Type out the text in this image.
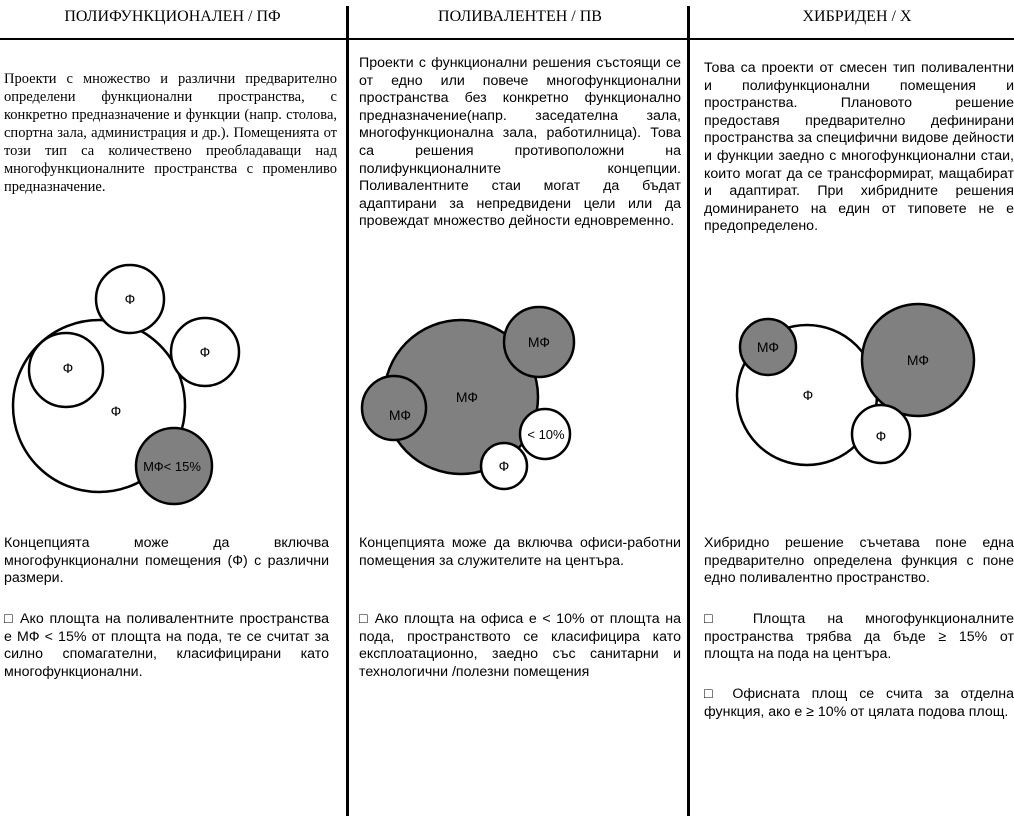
ПОЛИФУНКЦИОНАЛЕН / ПФ	ПОЛИВАЛЕНТЕН / ПВ	ХИБРИДЕН / Х
Проекти с множество и различни предварително определени функционални пространства, с конкретно предназначение и функции (напр. столова, спортна зала, администрация и др.). Помещенията от този тип са количествено преобладаващи над многофункционалните пространства с променливо предназначение.
Ф
Ф
Ф
Ф
МФ< 15%
Концепцията може да включва многофункционални помещения (Ф) с различни размери.
□ Ако площта на поливалентните пространства е МФ < 15% от площта на пода, те се считат за силно спомагателни, класифицирани като многофункционални.
Проекти с функционални решения състоящи се от едно или повече многофункционални пространства без конкретно функционално предназначение(напр. заседателна зала, многофункционална зала, работилница). Това са решения противоположни на полифункционалните концепции. Поливалентните стаи могат да бъдат адаптирани за непредвидени цели или да провеждат множество дейности едновременно.
МФ
МФ
МФ
< 10%
Ф
Концепцията може да включва офиси-работни помещения за служителите на центъра.
□ Ако площта на офиса е < 10% от площта на пода, пространството се класифицира като експлоатационно, заедно със санитарни и технологични /полезни помещения
Това са проекти от смесен тип поливалентни и полифункционални помещения и пространства. Плановото решение предоставя предварително дефинирани пространства за специфични видове дейности и функции заедно с многофункционални стаи, които могат да се трансформират, мащабират и адаптират. При хибридните решения доминирането на един от типовете не е предопределено.
МФ
Ф
МФ
Ф
Хибридно решение съчетава поне една предварително определена функция с поне едно поливалентно пространство.
□ Площта на многофункционалните пространства трябва да бъде ≥ 15% от площта на пода на центъра.
□ Офисната площ се счита за отделна функция, ако е ≥ 10% от цялата подова площ.
